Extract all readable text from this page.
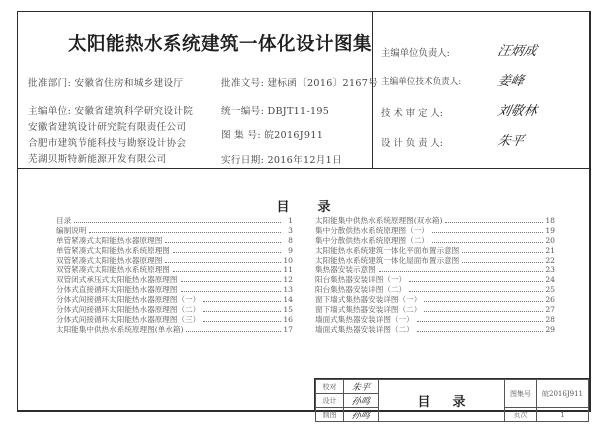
太阳能热水系统建筑一体化设计图集
批准部门: 安徽省住房和城乡建设厅
主编单位: 安徽省建筑科学研究设计院
安徽省建筑设计研究院有限责任公司
合肥市建筑节能科技与勘察设计协会
芜湖贝斯特新能源开发有限公司
批准文号: 建标函〔2016〕2167号
统一编号: DBJT11-195
图 集 号: 皖2016J911
实行日期: 2016年12月1日
主编单位负责人:	汪炳成
主编单位技术负责人:	姜峰
技 术 审 定 人:	刘敬林
设 计 负 责 人:	朱平
目录
目录	1
编制说明	3
单管紧凑式太阳能热水器原理图	8
单管紧凑式太阳能热水系统原理图	9
双管紧凑式太阳能热水器原理图	10
双管紧凑式太阳能热水系统原理图	11
双管闭式承压式太阳能热水器原理图	12
分体式直接循环太阳能热水器原理图	13
分体式间接循环太阳能热水器原理图（一）	14
分体式间接循环太阳能热水器原理图（二）	15
分体式间接循环太阳能热水器原理图（三）	16
太阳能集中供热水系统原理图(单水箱)	17
太阳能集中供热水系统原理图(双水箱)	18
集中分散供热水系统原理图（一）	19
集中分散供热水系统原理图（二）	20
太阳能热水系统建筑一体化平面布置示意图	21
太阳能热水系统建筑一体化屋面布置示意图	22
集热器安装示意图	23
阳台集热器安装详图（一）	24
阳台集热器安装详图（二）	25
窗下墙式集热器安装详图（一）	26
窗下墙式集热器安装详图（二）	27
墙面式集热器安装详图（一）	28
墙面式集热器安装详图（二）	29
校对	朱平	目录	图集号	皖2016J911
设计	孙鸣			
制图	孙鸣		页次	1
